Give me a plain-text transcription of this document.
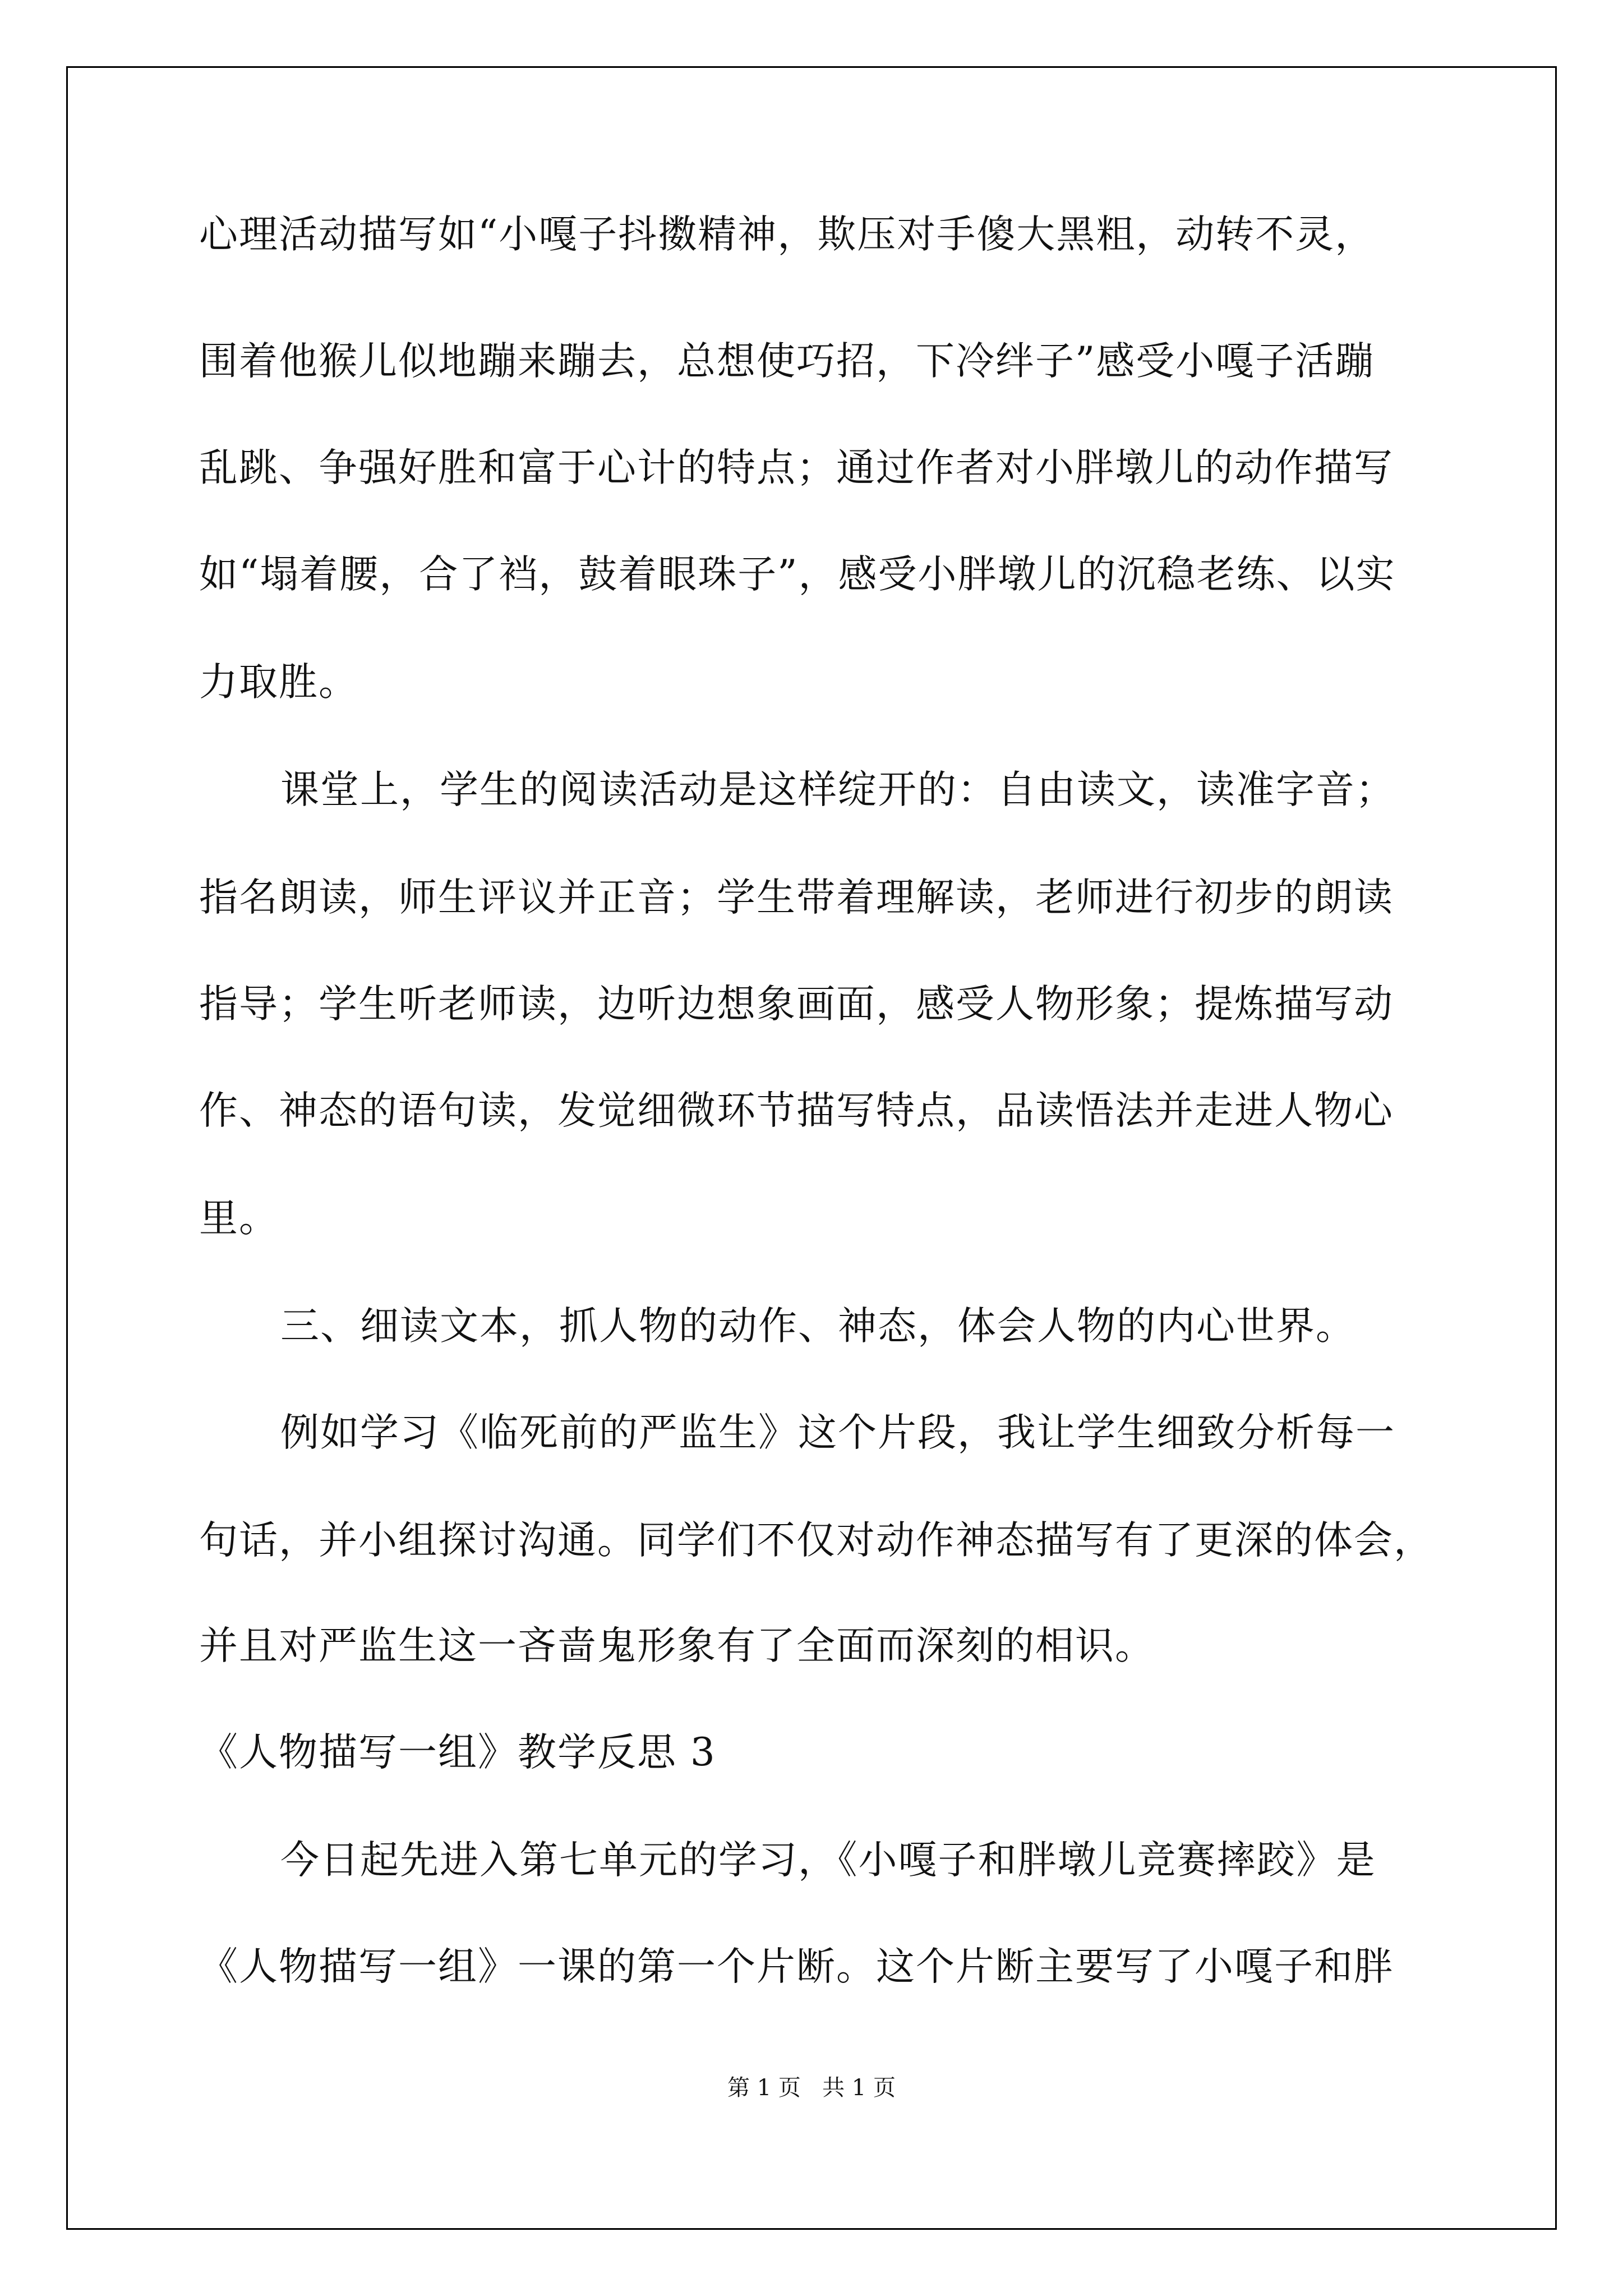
心理活动描写如“小嘎子抖擞精神，欺压对手傻大黑粗，动转不灵，
围着他猴儿似地蹦来蹦去，总想使巧招，下冷绊子”感受小嘎子活蹦
乱跳、争强好胜和富于心计的特点；通过作者对小胖墩儿的动作描写
如“塌着腰，合了裆，鼓着眼珠子”，感受小胖墩儿的沉稳老练、以实
力取胜。
课堂上，学生的阅读活动是这样绽开的：自由读文，读准字音；
指名朗读，师生评议并正音；学生带着理解读，老师进行初步的朗读
指导；学生听老师读，边听边想象画面，感受人物形象；提炼描写动
作、神态的语句读，发觉细微环节描写特点，品读悟法并走进人物心
里。
三、细读文本，抓人物的动作、神态，体会人物的内心世界。
例如学习《临死前的严监生》这个片段，我让学生细致分析每一
句话，并小组探讨沟通。同学们不仅对动作神态描写有了更深的体会，
并且对严监生这一吝啬鬼形象有了全面而深刻的相识。
《人物描写一组》教学反思 3
今日起先进入第七单元的学习，《小嘎子和胖墩儿竞赛摔跤》是
《人物描写一组》一课的第一个片断。这个片断主要写了小嘎子和胖
第 1 页   共 1 页
